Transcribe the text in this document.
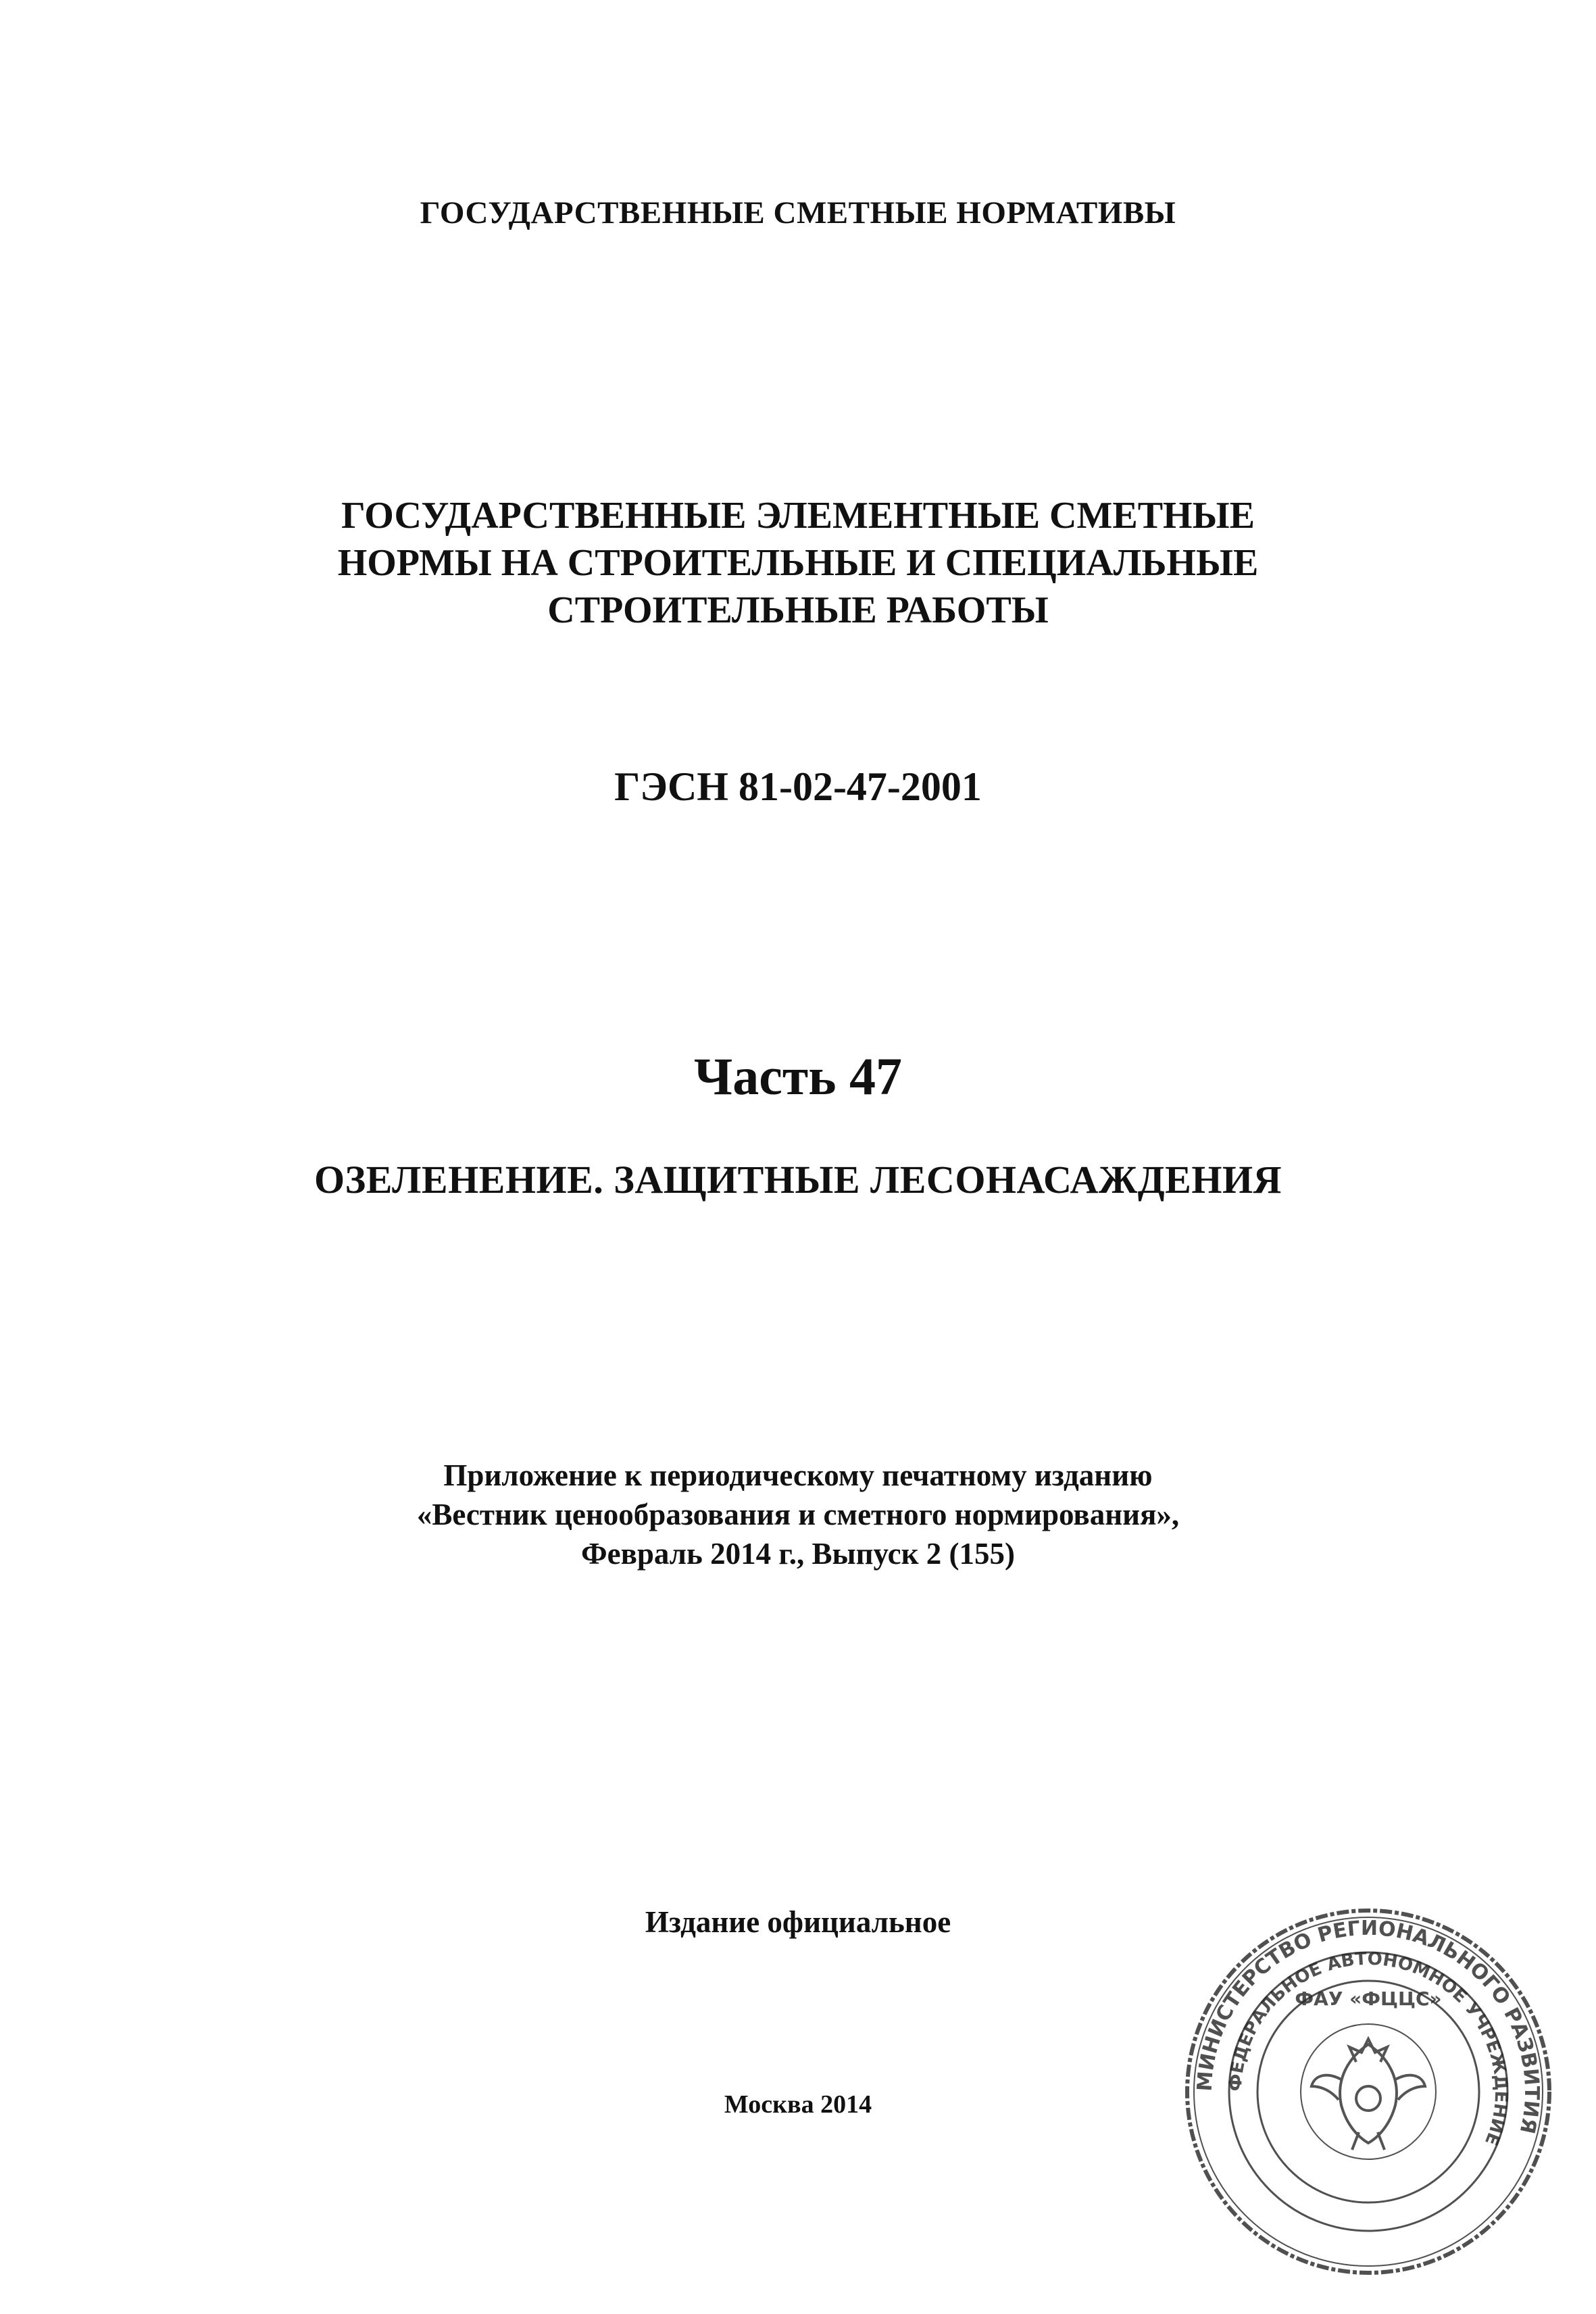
ГОСУДАРСТВЕННЫЕ СМЕТНЫЕ НОРМАТИВЫ

ГОСУДАРСТВЕННЫЕ ЭЛЕМЕНТНЫЕ СМЕТНЫЕ
НОРМЫ НА СТРОИТЕЛЬНЫЕ И СПЕЦИАЛЬНЫЕ
СТРОИТЕЛЬНЫЕ РАБОТЫ

ГЭСН 81-02-47-2001

Часть 47

ОЗЕЛЕНЕНИЕ. ЗАЩИТНЫЕ ЛЕСОНАСАЖДЕНИЯ

Приложение к периодическому печатному изданию
«Вестник ценообразования и сметного нормирования»,
Февраль 2014 г., Выпуск 2 (155)

Издание официальное

Москва 2014

МИНИСТЕРСТВО РЕГИОНАЛЬНОГО РАЗВИТИЯ
ФЕДЕРАЛЬНОЕ АВТОНОМНОЕ УЧРЕЖДЕНИЕ
ФАУ «ФЦЦС»
